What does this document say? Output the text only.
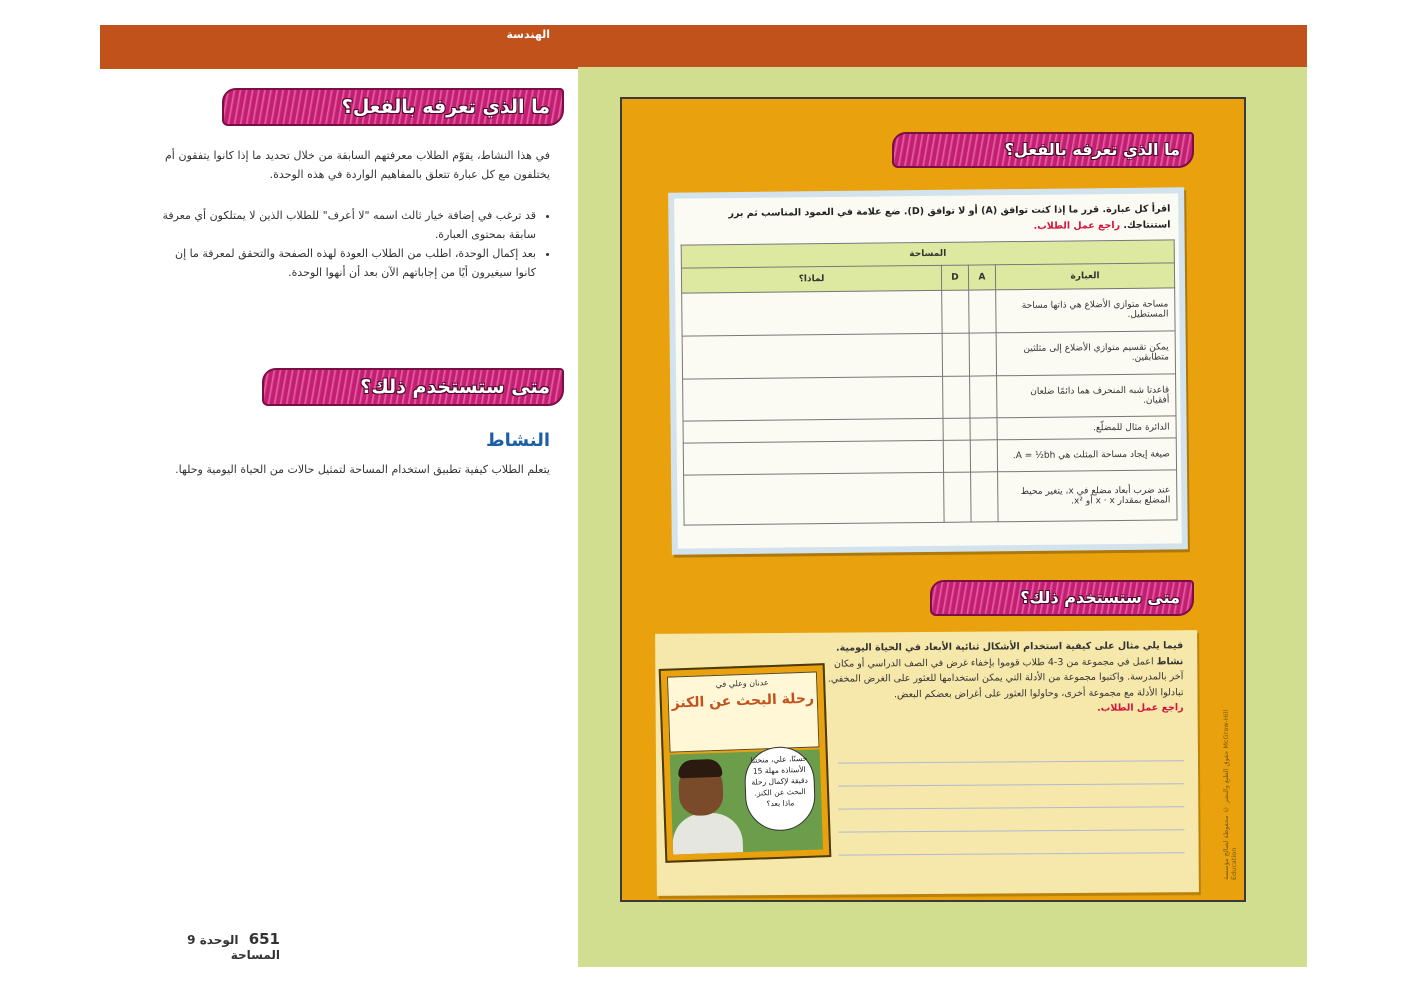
الهندسة
ما الذي تعرفه بالفعل؟
في هذا النشاط، يقوّم الطلاب معرفتهم السابقة من خلال تحديد ما إذا كانوا يتفقون أم يختلفون مع كل عبارة تتعلق بالمفاهيم الواردة في هذه الوحدة.
• قد ترغب في إضافة خيار ثالث اسمه "لا أعرف" للطلاب الذين لا يمتلكون أي معرفة سابقة بمحتوى العبارة.
• بعد إكمال الوحدة، اطلب من الطلاب العودة لهذه الصفحة والتحقق لمعرفة ما إن كانوا سيغيرون أيًا من إجاباتهم الآن بعد أن أنهوا الوحدة.
متى ستستخدم ذلك؟
النشاط
يتعلم الطلاب كيفية تطبيق استخدام المساحة لتمثيل حالات من الحياة اليومية وحلها.
651 الوحدة 9 المساحة
ما الذي تعرفه بالفعل؟
اقرأ كل عبارة. قرر ما إذا كنت توافق (A) أو لا توافق (D). ضع علامة في العمود المناسب ثم برر استنتاجك. راجع عمل الطلاب.
المساحة			
العبارة	A	D	لماذا؟
مساحة متوازي الأضلاع هي ذاتها مساحة المستطيل.			
يمكن تقسيم متوازي الأضلاع إلى مثلثين متطابقين.			
قاعدتا شبه المنحرف هما دائمًا ضلعان أفقيان.			
الدائرة مثال للمضلّع.			
صيغة إيجاد مساحة المثلث هي A = ½bh.			
عند ضرب أبعاد مضلع في x، يتغير محيط المضلع بمقدار x · x أو x².			
متى ستستخدم ذلك؟
فيما يلي مثال على كيفية استخدام الأشكال ثنائية الأبعاد في الحياة اليومية.
نشاط اعمل في مجموعة من 3-4 طلاب قوموا بإخفاء غرض في الصف الدراسي أو مكان آخر بالمدرسة. واكتبوا مجموعة من الأدلة التي يمكن استخدامها للعثور على الغرض المخفي. تبادلوا الأدلة مع مجموعة أخرى، وحاولوا العثور على أغراض بعضكم البعض.
راجع عمل الطلاب.
عدنان وعلي في
رحلة البحث عن الكنز
حسنًا، علي، منحتنا الأستاذة مهلة 15 دقيقة لإكمال رحلة البحث عن الكنز. ماذا بعد؟	حقوق الطبع والنشر © محفوظة لصالح مؤسسة McGraw-Hill Education
